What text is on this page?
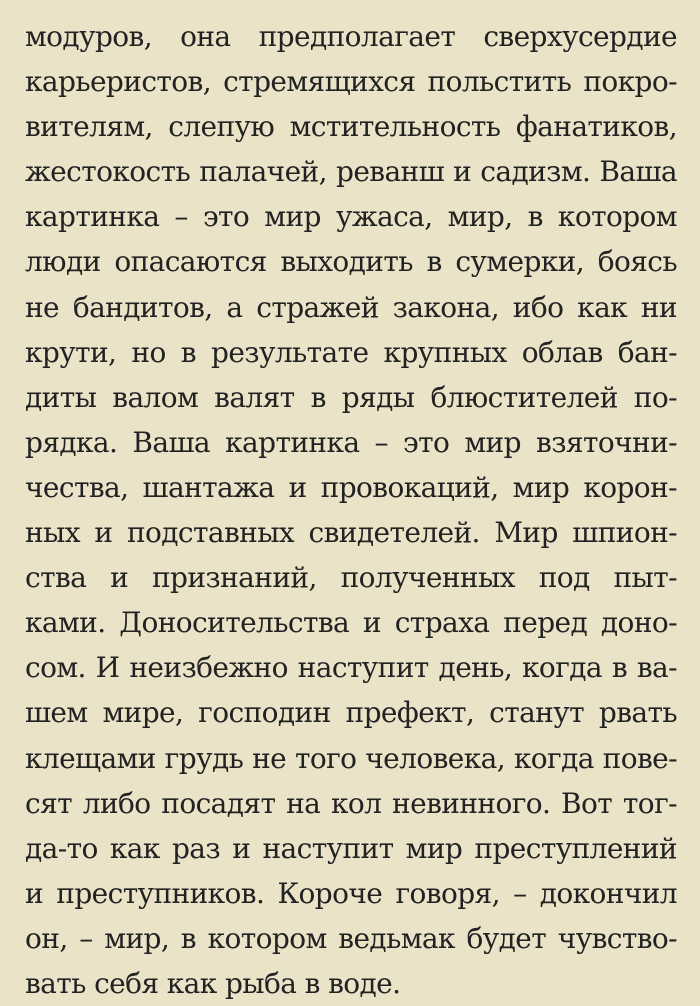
модуров, она предполагает сверхусердие
карьеристов, стремящихся польстить покро-
вителям, слепую мстительность фанатиков,
жестокость палачей, реванш и садизм. Ваша
картинка – это мир ужаса, мир, в котором
люди опасаются выходить в сумерки, боясь
не бандитов, а стражей закона, ибо как ни
крути, но в результате крупных облав бан-
диты валом валят в ряды блюстителей по-
рядка. Ваша картинка – это мир взяточни-
чества, шантажа и провокаций, мир корон-
ных и подставных свидетелей. Мир шпион-
ства и признаний, полученных под пыт-
ками. Доносительства и страха перед доно-
сом. И неизбежно наступит день, когда в ва-
шем мире, господин префект, станут рвать
клещами грудь не того человека, когда пове-
сят либо посадят на кол невинного. Вот тог-
да-то как раз и наступит мир преступлений
и преступников. Короче говоря, – докончил
он, – мир, в котором ведьмак будет чувство-
вать себя как рыба в воде.
